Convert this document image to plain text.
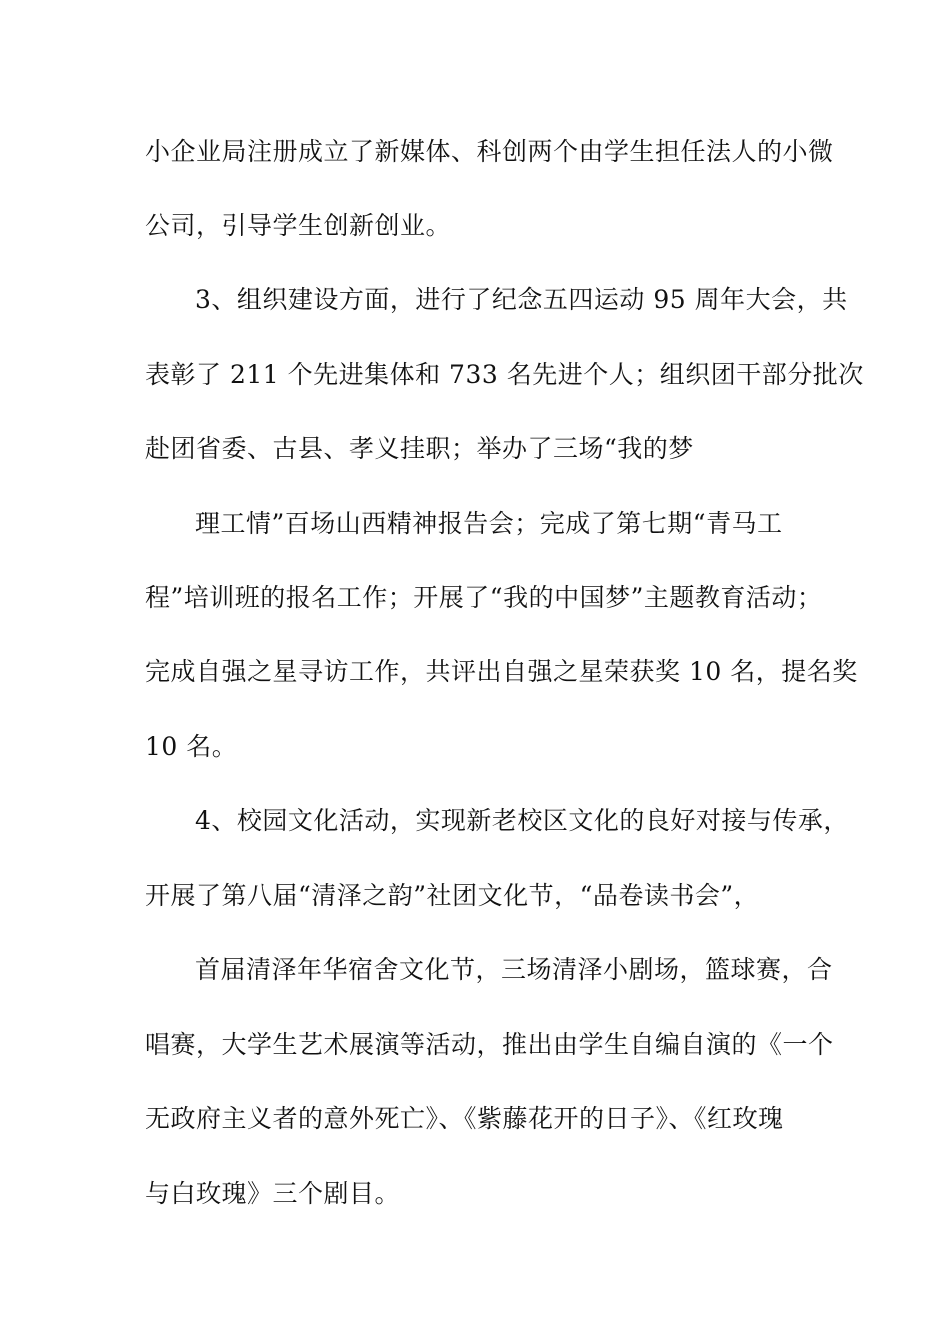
小企业局注册成立了新媒体、科创两个由学生担任法人的小微
公司，引导学生创新创业。
3、组织建设方面，进行了纪念五四运动 95 周年大会，共
表彰了 211 个先进集体和 733 名先进个人；组织团干部分批次
赴团省委、古县、孝义挂职；举办了三场“我的梦
理工情”百场山西精神报告会；完成了第七期“青马工
程”培训班的报名工作；开展了“我的中国梦”主题教育活动；
完成自强之星寻访工作，共评出自强之星荣获奖 10 名，提名奖
10 名。
4、校园文化活动，实现新老校区文化的良好对接与传承，
开展了第八届“清泽之韵”社团文化节，“品卷读书会”，
首届清泽年华宿舍文化节，三场清泽小剧场，篮球赛，合
唱赛，大学生艺术展演等活动，推出由学生自编自演的《一个
无政府主义者的意外死亡》、《紫藤花开的日子》、《红玫瑰
与白玫瑰》三个剧目。
